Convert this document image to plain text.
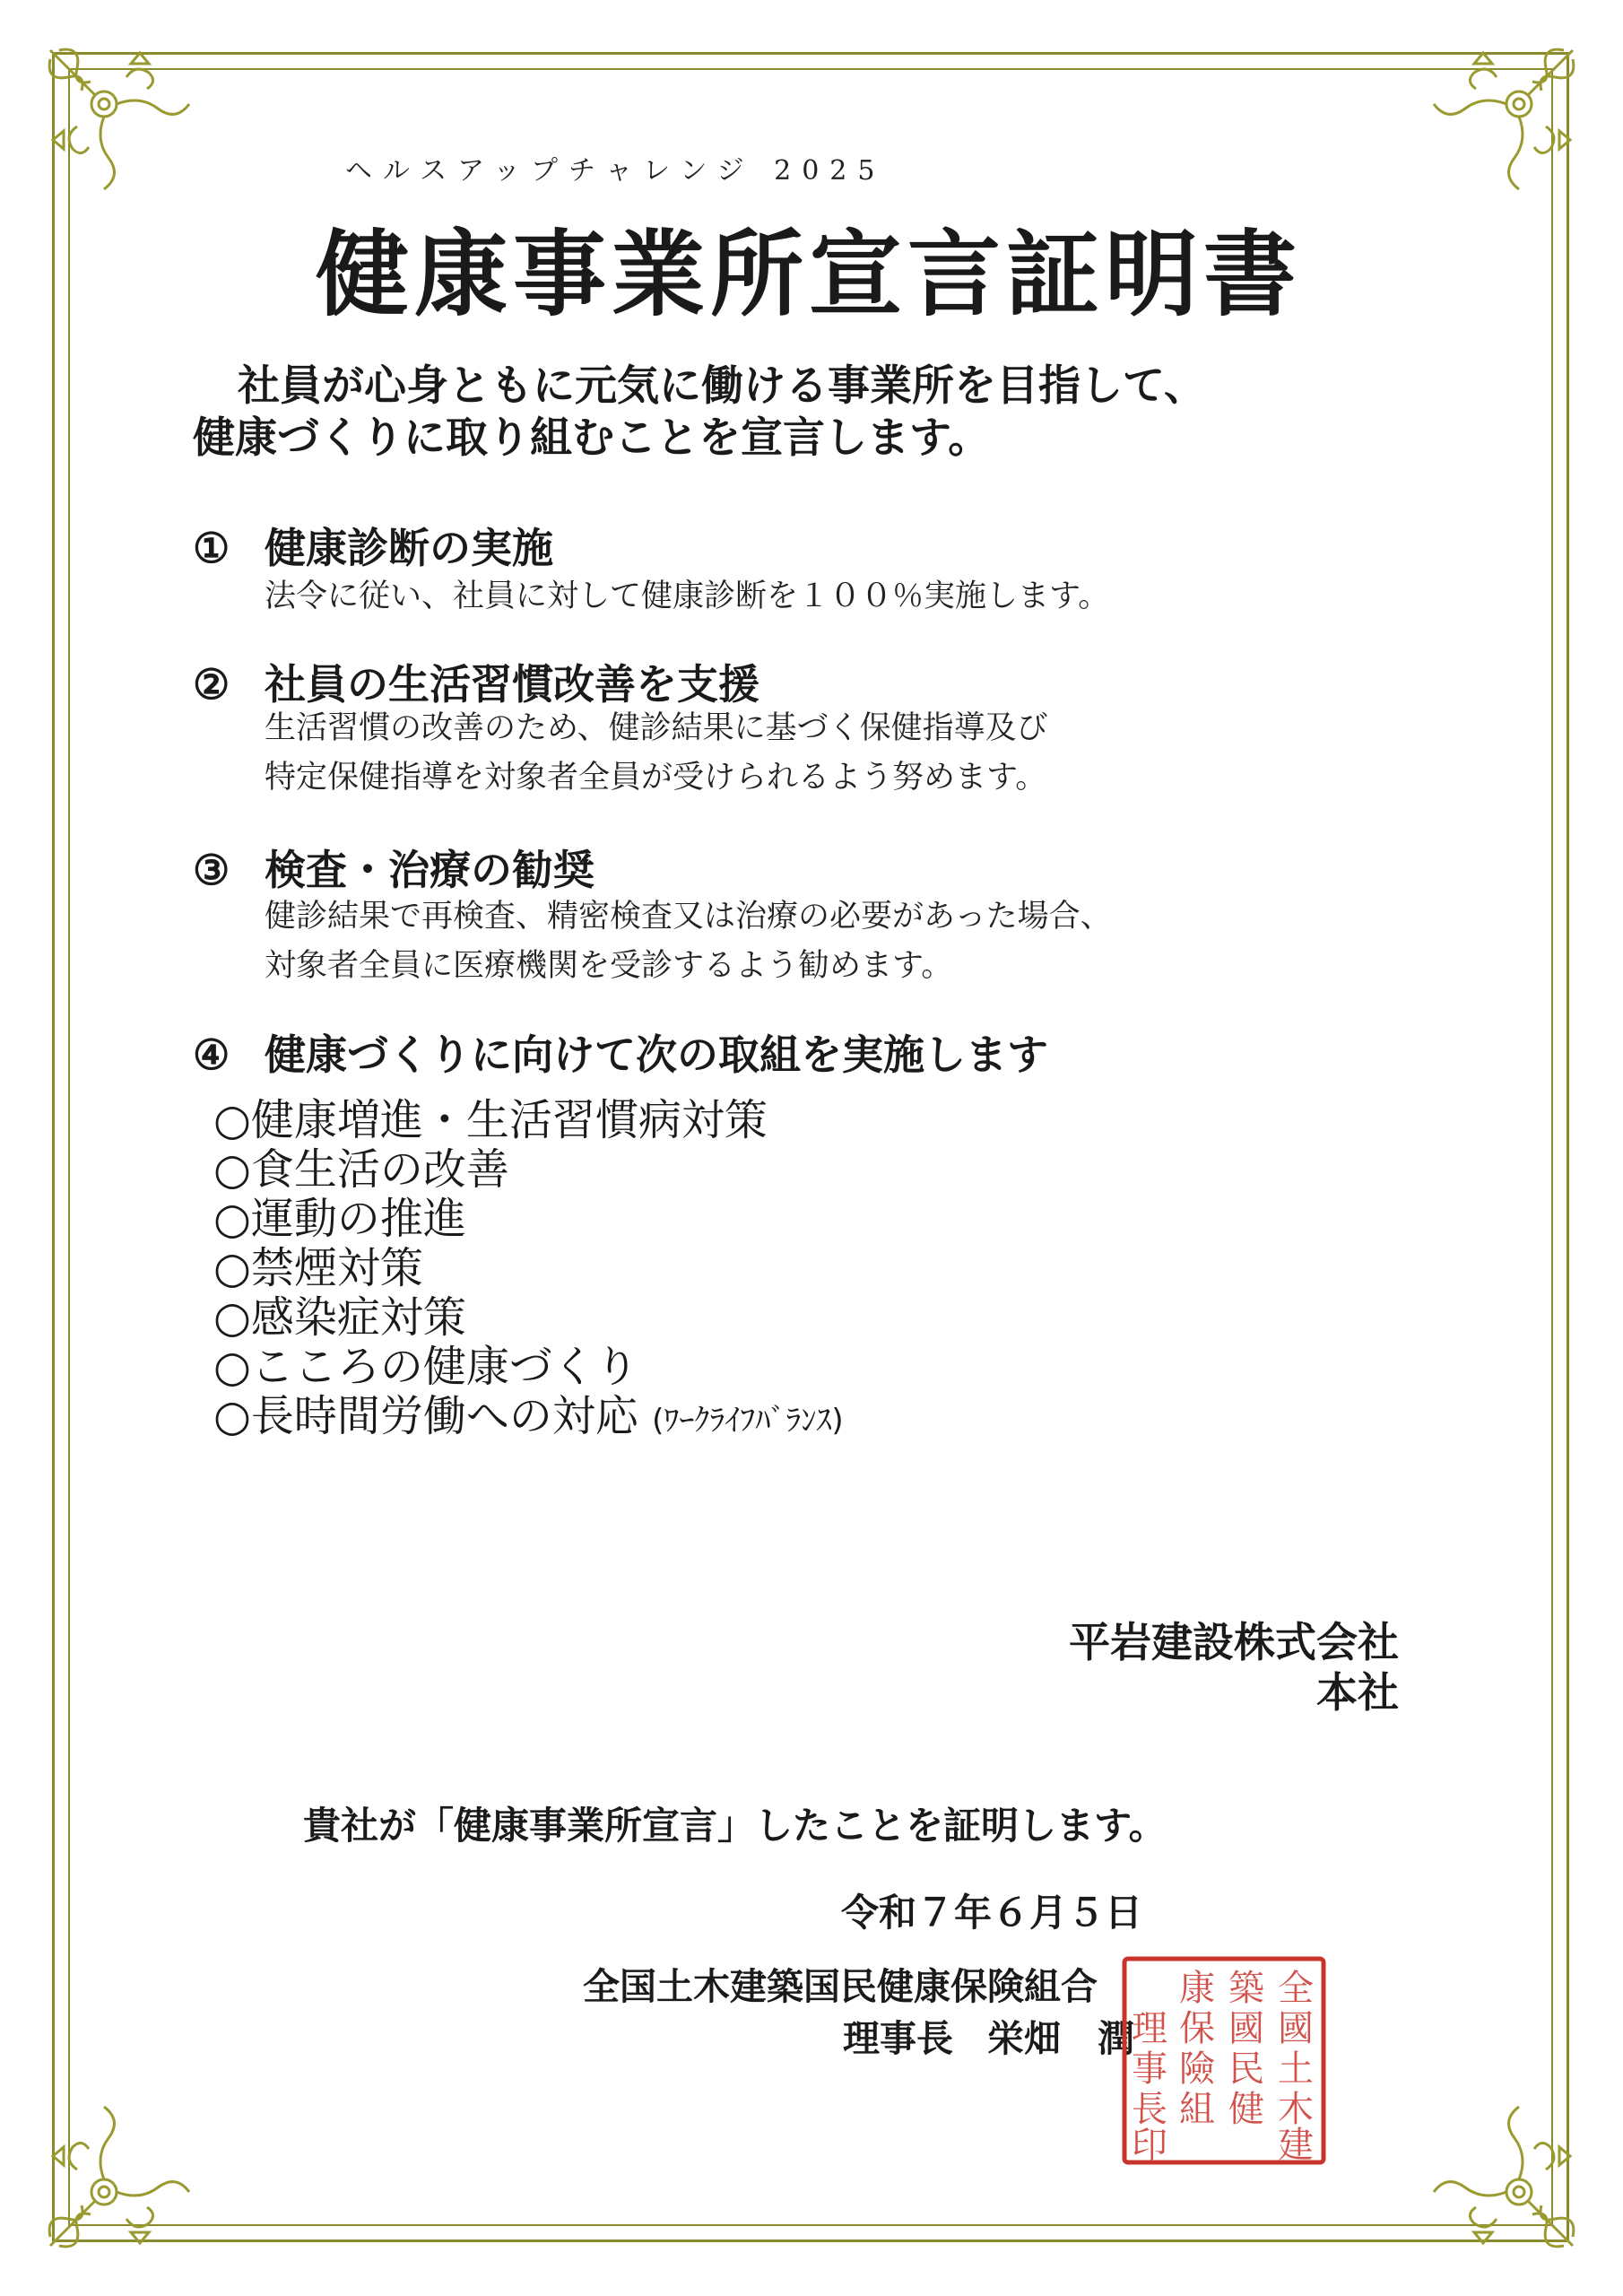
ヘルスアップチャレンジ 2025
健康事業所宣言証明書
社員が心身ともに元気に働ける事業所を目指して、
健康づくりに取り組むことを宣言します。
① 健康診断の実施
法令に従い、社員に対して健康診断を１００％実施します。
② 社員の生活習慣改善を支援
生活習慣の改善のため、健診結果に基づく保健指導及び
特定保健指導を対象者全員が受けられるよう努めます。
③ 検査・治療の勧奨
健診結果で再検査、精密検査又は治療の必要があった場合、
対象者全員に医療機関を受診するよう勧めます。
④ 健康づくりに向けて次の取組を実施します
○健康増進・生活習慣病対策
○食生活の改善
○運動の推進
○禁煙対策
○感染症対策
○こころの健康づくり
○長時間労働への対応 (ﾜｰｸﾗｲﾌﾊﾞﾗﾝｽ)
平岩建設株式会社
本社
貴社が「健康事業所宣言」したことを証明します。
令和７年６月５日
全国土木建築国民健康保険組合
理事長 栄畑　潤
全
國
土
木
建
築
國
民
健
康
保
險
組
理
事
長
印
